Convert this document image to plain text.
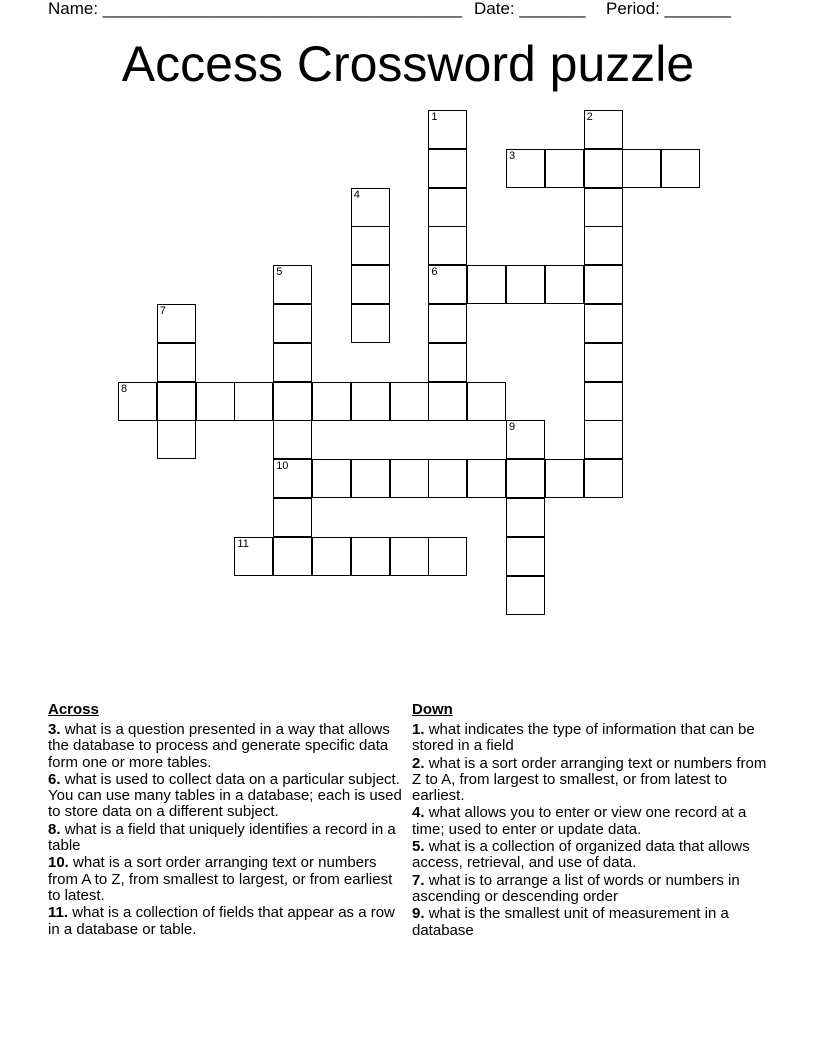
Name: ______________________________________ Date: _______ Period: _______
Access Crossword puzzle
1
6
2
3
4
5
10
7
8
9
11
Across
3. what is a question presented in a way that allows the database to process and generate specific data form one or more tables.
6. what is used to collect data on a particular subject. You can use many tables in a database; each is used to store data on a different subject.
8. what is a field that uniquely identifies a record in a table
10. what is a sort order arranging text or numbers from A to Z, from smallest to largest, or from earliest to latest.
11. what is a collection of fields that appear as a row in a database or table.
Down
1. what indicates the type of information that can be stored in a field
2. what is a sort order arranging text or numbers from Z to A, from largest to smallest, or from latest to earliest.
4. what allows you to enter or view one record at a time; used to enter or update data.
5. what is a collection of organized data that allows access, retrieval, and use of data.
7. what is to arrange a list of words or numbers in ascending or descending order
9. what is the smallest unit of measurement in a database
